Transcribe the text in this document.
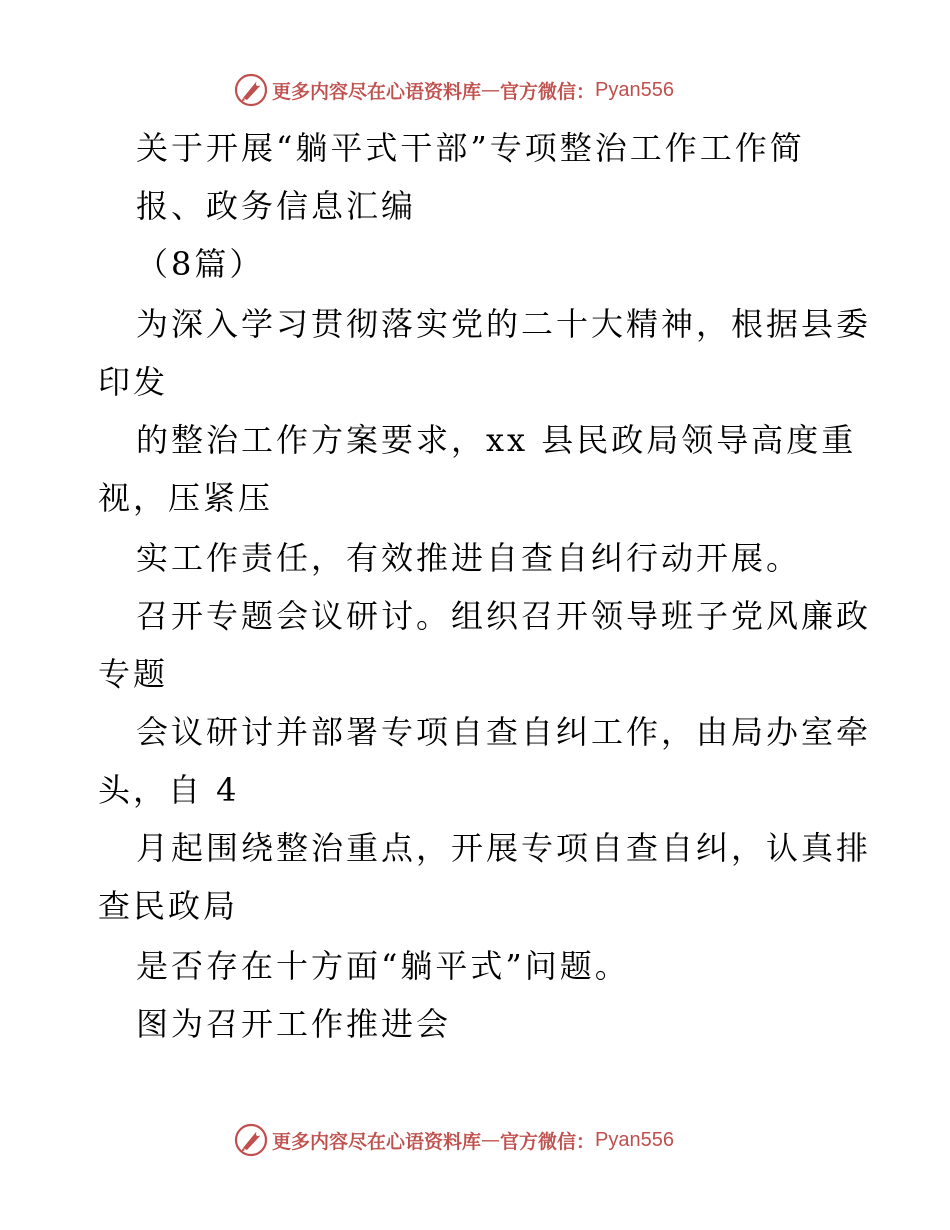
更多内容尽在心语资料库 — 官方微信： Pyan556
关于开展“躺平式干部”专项整治工作工作简
报、政务信息汇编
（8篇）
为深入学习贯彻落实党的二十大精神，根据县委
印发
的整治工作方案要求，xx 县民政局领导高度重
视，压紧压
实工作责任，有效推进自查自纠行动开展。
召开专题会议研讨。组织召开领导班子党风廉政
专题
会议研讨并部署专项自查自纠工作，由局办室牵
头，自 4
月起围绕整治重点，开展专项自查自纠，认真排
查民政局
是否存在十方面“躺平式”问题。
图为召开工作推进会
更多内容尽在心语资料库 — 官方微信： Pyan556
